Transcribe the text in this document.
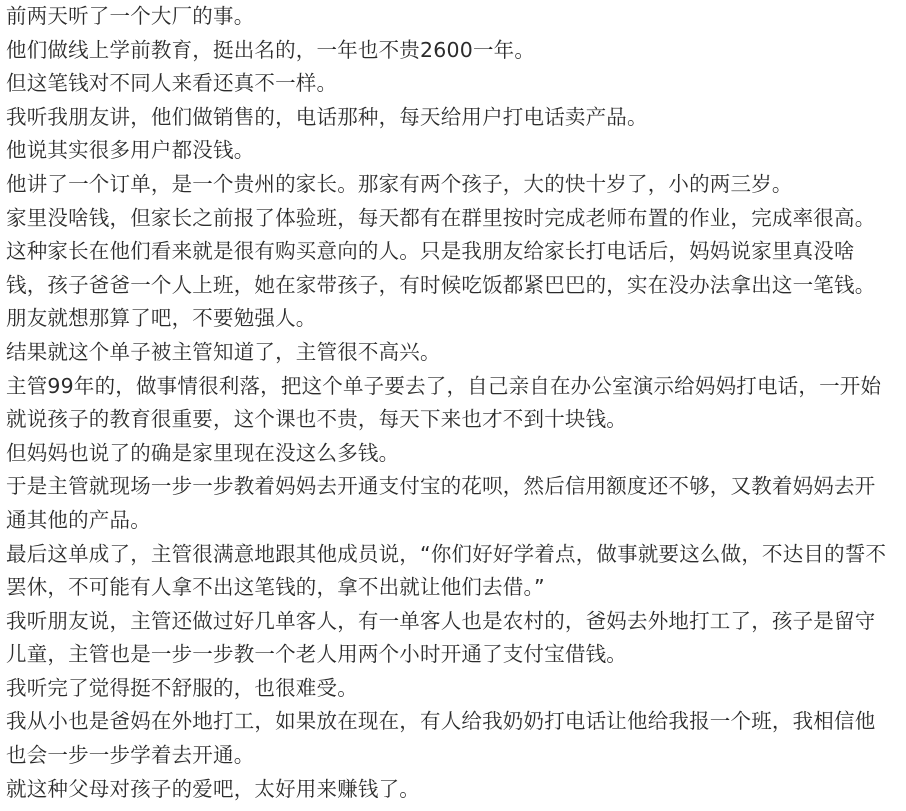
前两天听了一个大厂的事。

他们做线上学前教育，挺出名的，一年也不贵2600一年。

但这笔钱对不同人来看还真不一样。

我听我朋友讲，他们做销售的，电话那种，每天给用户打电话卖产品。

他说其实很多用户都没钱。

他讲了一个订单，是一个贵州的家长。那家有两个孩子，大的快十岁了，小的两三岁。

家里没啥钱，但家长之前报了体验班，每天都有在群里按时完成老师布置的作业，完成率很高。

这种家长在他们看来就是很有购买意向的人。只是我朋友给家长打电话后，妈妈说家里真没啥钱，孩子爸爸一个人上班，她在家带孩子，有时候吃饭都紧巴巴的，实在没办法拿出这一笔钱。

朋友就想那算了吧，不要勉强人。

结果就这个单子被主管知道了，主管很不高兴。

主管99年的，做事情很利落，把这个单子要去了，自己亲自在办公室演示给妈妈打电话，一开始就说孩子的教育很重要，这个课也不贵，每天下来也才不到十块钱。

但妈妈也说了的确是家里现在没这么多钱。

于是主管就现场一步一步教着妈妈去开通支付宝的花呗，然后信用额度还不够，又教着妈妈去开通其他的产品。

最后这单成了，主管很满意地跟其他成员说，“你们好好学着点，做事就要这么做，不达目的誓不罢休，不可能有人拿不出这笔钱的，拿不出就让他们去借。”

我听朋友说，主管还做过好几单客人，有一单客人也是农村的，爸妈去外地打工了，孩子是留守儿童，主管也是一步一步教一个老人用两个小时开通了支付宝借钱。

我听完了觉得挺不舒服的，也很难受。

我从小也是爸妈在外地打工，如果放在现在，有人给我奶奶打电话让他给我报一个班，我相信他也会一步一步学着去开通。

就这种父母对孩子的爱吧，太好用来赚钱了。
